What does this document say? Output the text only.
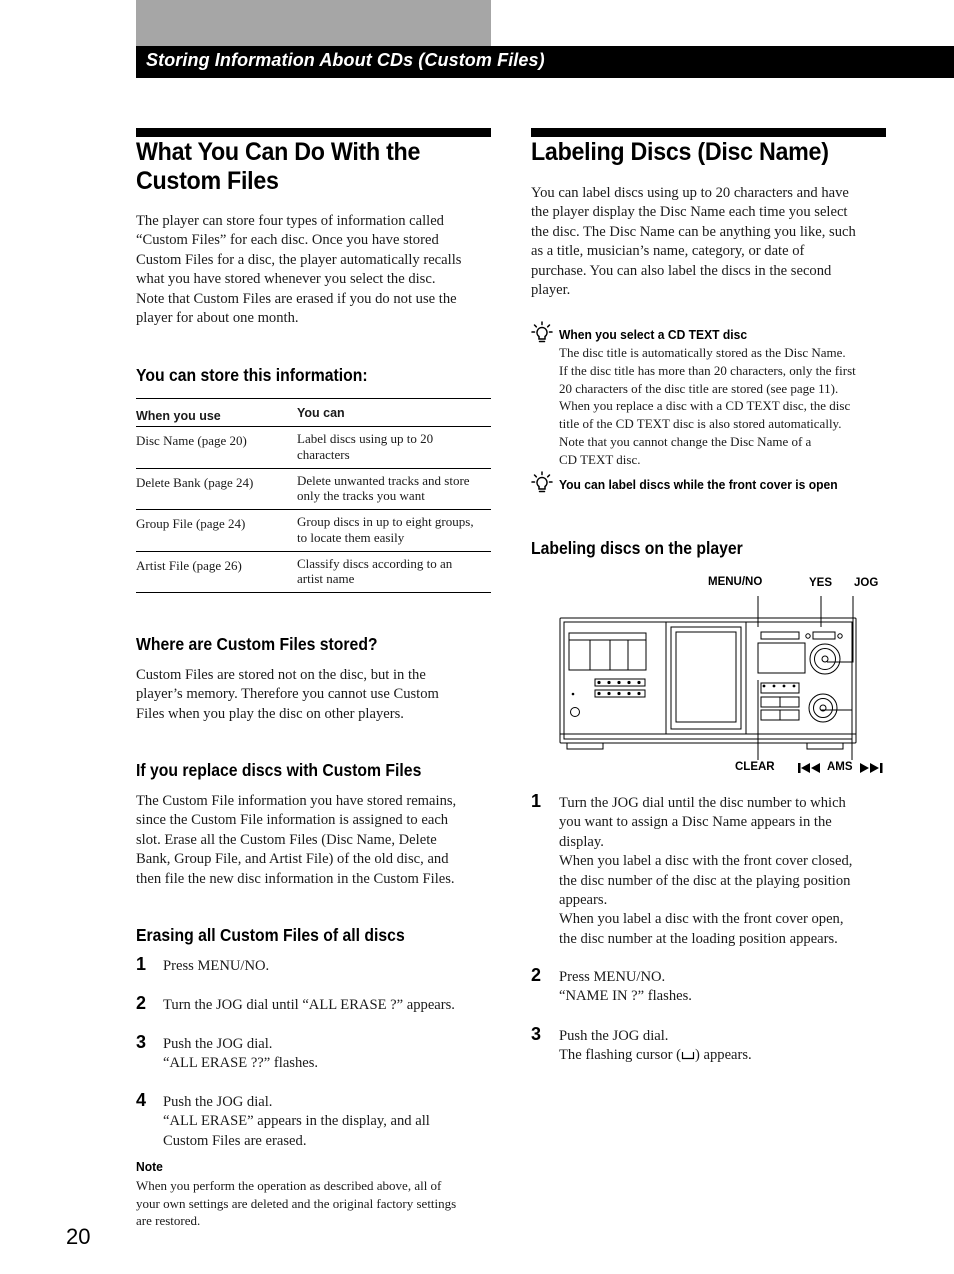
Storing Information About CDs (Custom Files)
What You Can Do With the
Custom Files
The player can store four types of information called
“Custom Files” for each disc. Once you have stored
Custom Files for a disc, the player automatically recalls
what you have stored whenever you select the disc.
Note that Custom Files are erased if you do not use the
player for about one month.
You can store this information:
When you use	You can
Disc Name (page 20)	Label discs using up to 20
characters

Delete Bank (page 24)	Delete unwanted tracks and store
only the tracks you want

Group File (page 24)	Group discs in up to eight groups,
to locate them easily

Artist File (page 26)	Classify discs according to an
artist name
Where are Custom Files stored?
Custom Files are stored not on the disc, but in the
player’s memory. Therefore you cannot use Custom
Files when you play the disc on other players.
If you replace discs with Custom Files
The Custom File information you have stored remains,
since the Custom File information is assigned to each
slot. Erase all the Custom Files (Disc Name, Delete
Bank, Group File, and Artist File) of the old disc, and
then file the new disc information in the Custom Files.
Erasing all Custom Files of all discs
1 Press MENU/NO.
2 Turn the JOG dial until “ALL ERASE ?” appears.
3 Push the JOG dial.
“ALL ERASE ??” flashes.
4 Push the JOG dial.
“ALL ERASE” appears in the display, and all
Custom Files are erased.
Note
When you perform the operation as described above, all of
your own settings are deleted and the original factory settings
are restored.
Labeling Discs (Disc Name)
You can label discs using up to 20 characters and have
the player display the Disc Name each time you select
the disc. The Disc Name can be anything you like, such
as a title, musician’s name, category, or date of
purchase. You can also label the discs in the second
player.
When you select a CD TEXT disc
The disc title is automatically stored as the Disc Name.
If the disc title has more than 20 characters, only the first
20 characters of the disc title are stored (see page 11).
When you replace a disc with a CD TEXT disc, the disc
title of the CD TEXT disc is also stored automatically.
Note that you cannot change the Disc Name of a
CD TEXT disc.
You can label discs while the front cover is open
Labeling discs on the player
MENU/NO	YES JOG
CLEAR	AMS
1 Turn the JOG dial until the disc number to which
you want to assign a Disc Name appears in the
display.
When you label a disc with the front cover closed,
the disc number of the disc at the playing position
appears.
When you label a disc with the front cover open,
the disc number at the loading position appears.
2 Press MENU/NO.
“NAME IN ?” flashes.
3 Push the JOG dial.
The flashing cursor ( ) appears.
20
